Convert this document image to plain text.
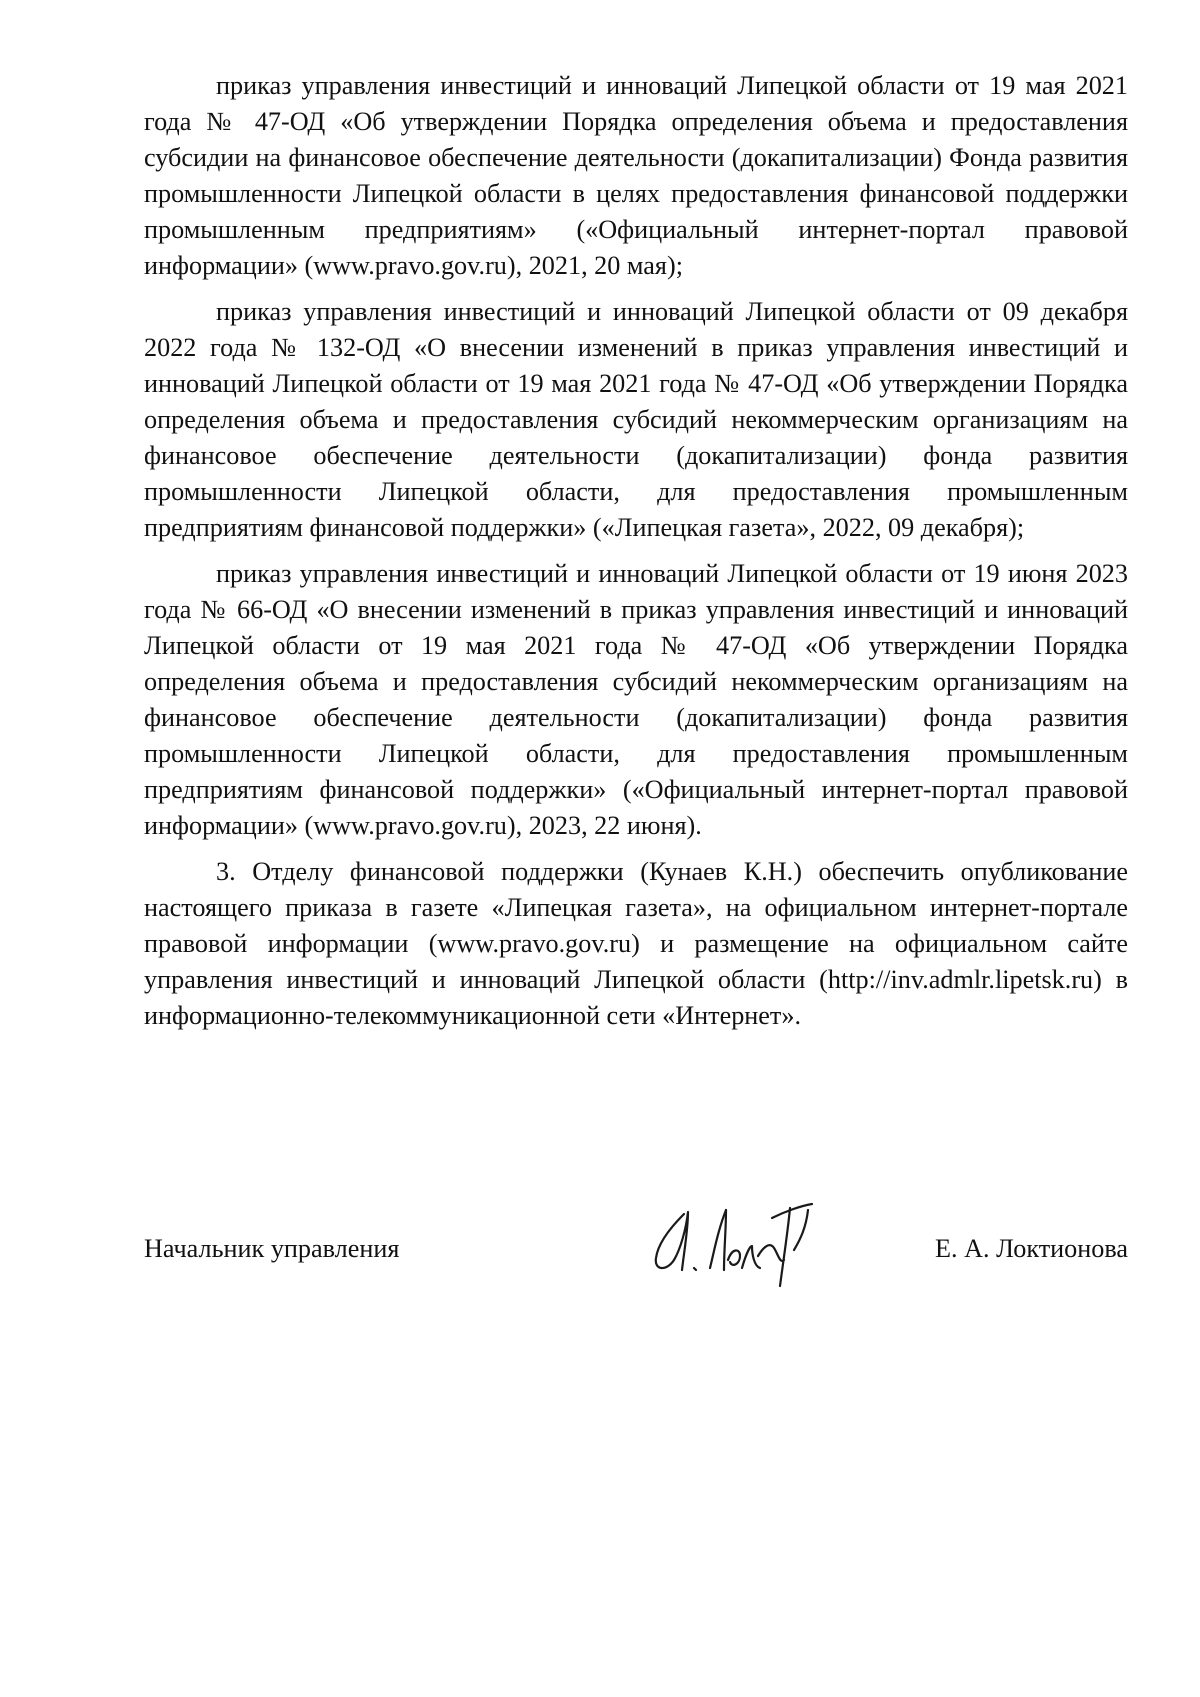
приказ управления инвестиций и инноваций Липецкой области от 19 мая 2021 года № 47-ОД «Об утверждении Порядка определения объема и предоставления субсидии на финансовое обеспечение деятельности (докапитализации) Фонда развития промышленности Липецкой области в целях предоставления финансовой поддержки промышленным предприятиям» («Официальный интернет-портал правовой информации» (www.pravo.gov.ru), 2021, 20 мая);

приказ управления инвестиций и инноваций Липецкой области от 09 декабря 2022 года № 132-ОД «О внесении изменений в приказ управления инвестиций и инноваций Липецкой области от 19 мая 2021 года № 47-ОД «Об утверждении Порядка определения объема и предоставления субсидий некоммерческим организациям на финансовое обеспечение деятельности (докапитализации) фонда развития промышленности Липецкой области, для предоставления промышленным предприятиям финансовой поддержки» («Липецкая газета», 2022, 09 декабря);

приказ управления инвестиций и инноваций Липецкой области от 19 июня 2023 года № 66-ОД «О внесении изменений в приказ управления инвестиций и инноваций Липецкой области от 19 мая 2021 года № 47-ОД «Об утверждении Порядка определения объема и предоставления субсидий некоммерческим организациям на финансовое обеспечение деятельности (докапитализации) фонда развития промышленности Липецкой области, для предоставления промышленным предприятиям финансовой поддержки» («Официальный интернет-портал правовой информации» (www.pravo.gov.ru), 2023, 22 июня).

3. Отделу финансовой поддержки (Кунаев К.Н.) обеспечить опубликование настоящего приказа в газете «Липецкая газета», на официальном интернет-портале правовой информации (www.pravo.gov.ru) и размещение на официальном сайте управления инвестиций и инноваций Липецкой области (http://inv.admlr.lipetsk.ru) в информационно-телекоммуникационной сети «Интернет».

Начальник управления	Е. А. Локтионова
